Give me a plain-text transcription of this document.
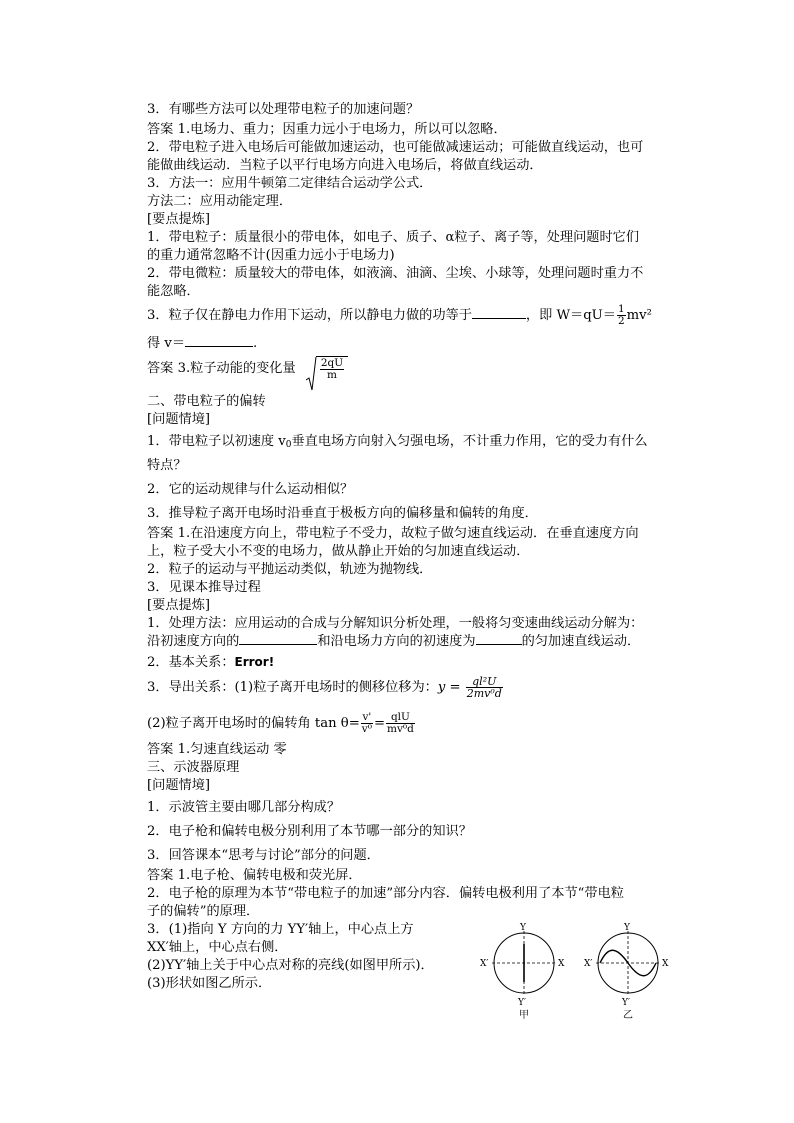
3．有哪些方法可以处理带电粒子的加速问题？
答案 1.电场力、重力；因重力远小于电场力，所以可以忽略．
2．带电粒子进入电场后可能做加速运动，也可能做减速运动；可能做直线运动，也可
能做曲线运动．当粒子以平行电场方向进入电场后，将做直线运动．
3．方法一：应用牛顿第二定律结合运动学公式．
方法二：应用动能定理．
[要点提炼]
1．带电粒子：质量很小的带电体，如电子、质子、α粒子、离子等，处理问题时它们
的重力通常忽略不计(因重力远小于电场力)
2．带电微粒：质量较大的带电体，如液滴、油滴、尘埃、小球等，处理问题时重力不
能忽略．
3．粒子仅在静电力作用下运动，所以静电力做的功等于	，即 $W=qU= \frac{1}{2} mv^2$
得 v＝	.
答案 3.粒子动能的变化量 $\frac{2qU}{m}$
二、带电粒子的偏转
[问题情境]
1．带电粒子以初速度 $v_0$垂直电场方向射入匀强电场，不计重力作用，它的受力有什么
特点？
2．它的运动规律与什么运动相似？
3．推导粒子离开电场时沿垂直于极板方向的偏移量和偏转的角度．
答案 1.在沿速度方向上，带电粒子不受力，故粒子做匀速直线运动．在垂直速度方向
上，粒子受大小不变的电场力，做从静止开始的匀加速直线运动．
2．粒子的运动与平抛运动类似，轨迹为抛物线．
3．见课本推导过程
[要点提炼]
1．处理方法：应用运动的合成与分解知识分析处理，一般将匀变速曲线运动分解为：
沿初速度方向的	和沿电场力方向的初速度为	的匀加速直线运动．
2．基本关系：Error!
3．导出关系：(1)粒子离开电场时的侧移位移为：$y = \frac{\text{ql²U}}{\text{2mv⁰d}}$
(2)粒子离开电场时的偏转角 $\tan \theta= \frac{v'}{\text{v⁰}} = \frac{\text{qlU}}{\text{mv⁰d}}$
答案 1.匀速直线运动 零
三、示波器原理
[问题情境]
1．示波管主要由哪几部分构成？
2．电子枪和偏转电极分别利用了本节哪一部分的知识？
3．回答课本“思考与讨论”部分的问题．
答案 1.电子枪、偏转电极和荧光屏．
2．电子枪的原理为本节“带电粒子的加速”部分内容．偏转电极利用了本节“带电粒
子的偏转”的原理．
3．(1)指向 Y 方向的力 YY′轴上，中心点上方
XX′轴上，中心点右侧．
(2)YY′轴上关于中心点对称的亮线(如图甲所示)．
(3)形状如图乙所示．
Y
Y′
X′	X
甲
Y
Y′
X′	X
乙
